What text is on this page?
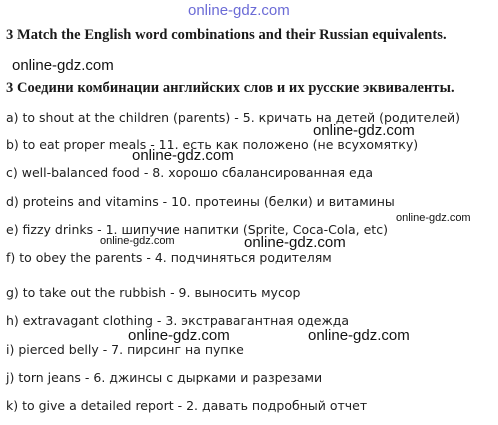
online-gdz.com
3 Match the English word combinations and their Russian equivalents.
online-gdz.com
3 Соедини комбинации английских слов и их русские эквиваленты.
a) to shout at the children (parents) - 5. кричать на детей (родителей)
online-gdz.com
b) to eat proper meals - 11. есть как положено (не всухомятку)
online-gdz.com
c) well-balanced food - 8. хорошо сбалансированная еда
d) proteins and vitamins - 10. протеины (белки) и витамины
online-gdz.com
e) fizzy drinks - 1. шипучие напитки (Sprite, Coca-Cola, etc)
online-gdz.com	online-gdz.com
f) to obey the parents - 4. подчиняться родителям
g) to take out the rubbish - 9. выносить мусор
h) extravagant clothing - 3. экстравагантная одежда
online-gdz.com	online-gdz.com
i) pierced belly - 7. пирсинг на пупке
j) torn jeans - 6. джинсы с дырками и разрезами
k) to give a detailed report - 2. давать подробный отчет
